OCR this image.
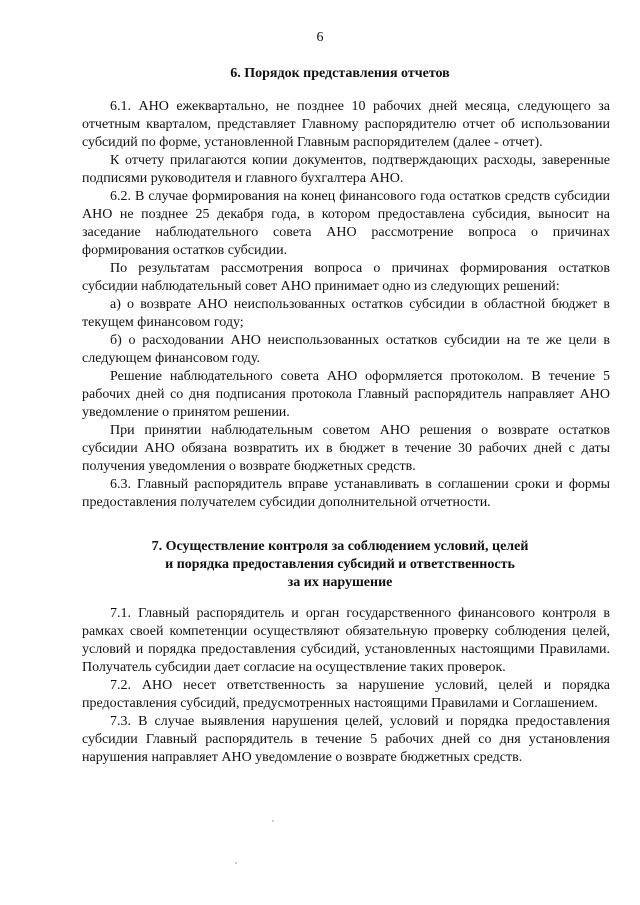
6
6. Порядок представления отчетов

6.1. АНО ежеквартально, не позднее 10 рабочих дней месяца, следующего за отчетным кварталом, представляет Главному распорядителю отчет об использовании субсидий по форме, установленной Главным распорядителем (далее - отчет).

К отчету прилагаются копии документов, подтверждающих расходы, заверенные подписями руководителя и главного бухгалтера АНО.

6.2. В случае формирования на конец финансового года остатков средств субсидии АНО не позднее 25 декабря года, в котором предоставлена субсидия, выносит на заседание наблюдательного совета АНО рассмотрение вопроса о причинах формирования остатков субсидии.

По результатам рассмотрения вопроса о причинах формирования остатков субсидии наблюдательный совет АНО принимает одно из следующих решений:

а) о возврате АНО неиспользованных остатков субсидии в областной бюджет в текущем финансовом году;

б) о расходовании АНО неиспользованных остатков субсидии на те же цели в следующем финансовом году.

Решение наблюдательного совета АНО оформляется протоколом. В течение 5 рабочих дней со дня подписания протокола Главный распорядитель направляет АНО уведомление о принятом решении.

При принятии наблюдательным советом АНО решения о возврате остатков субсидии АНО обязана возвратить их в бюджет в течение 30 рабочих дней с даты получения уведомления о возврате бюджетных средств.

6.3. Главный распорядитель вправе устанавливать в соглашении сроки и формы предоставления получателем субсидии дополнительной отчетности.

7. Осуществление контроля за соблюдением условий, целей
и порядка предоставления субсидий и ответственность
за их нарушение

7.1. Главный распорядитель и орган государственного финансового контроля в рамках своей компетенции осуществляют обязательную проверку соблюдения целей, условий и порядка предоставления субсидий, установленных настоящими Правилами. Получатель субсидии дает согласие на осуществление таких проверок.

7.2. АНО несет ответственность за нарушение условий, целей и порядка предоставления субсидий, предусмотренных настоящими Правилами и Соглашением.

7.3. В случае выявления нарушения целей, условий и порядка предоставления субсидии Главный распорядитель в течение 5 рабочих дней со дня установления нарушения направляет АНО уведомление о возврате бюджетных средств.
